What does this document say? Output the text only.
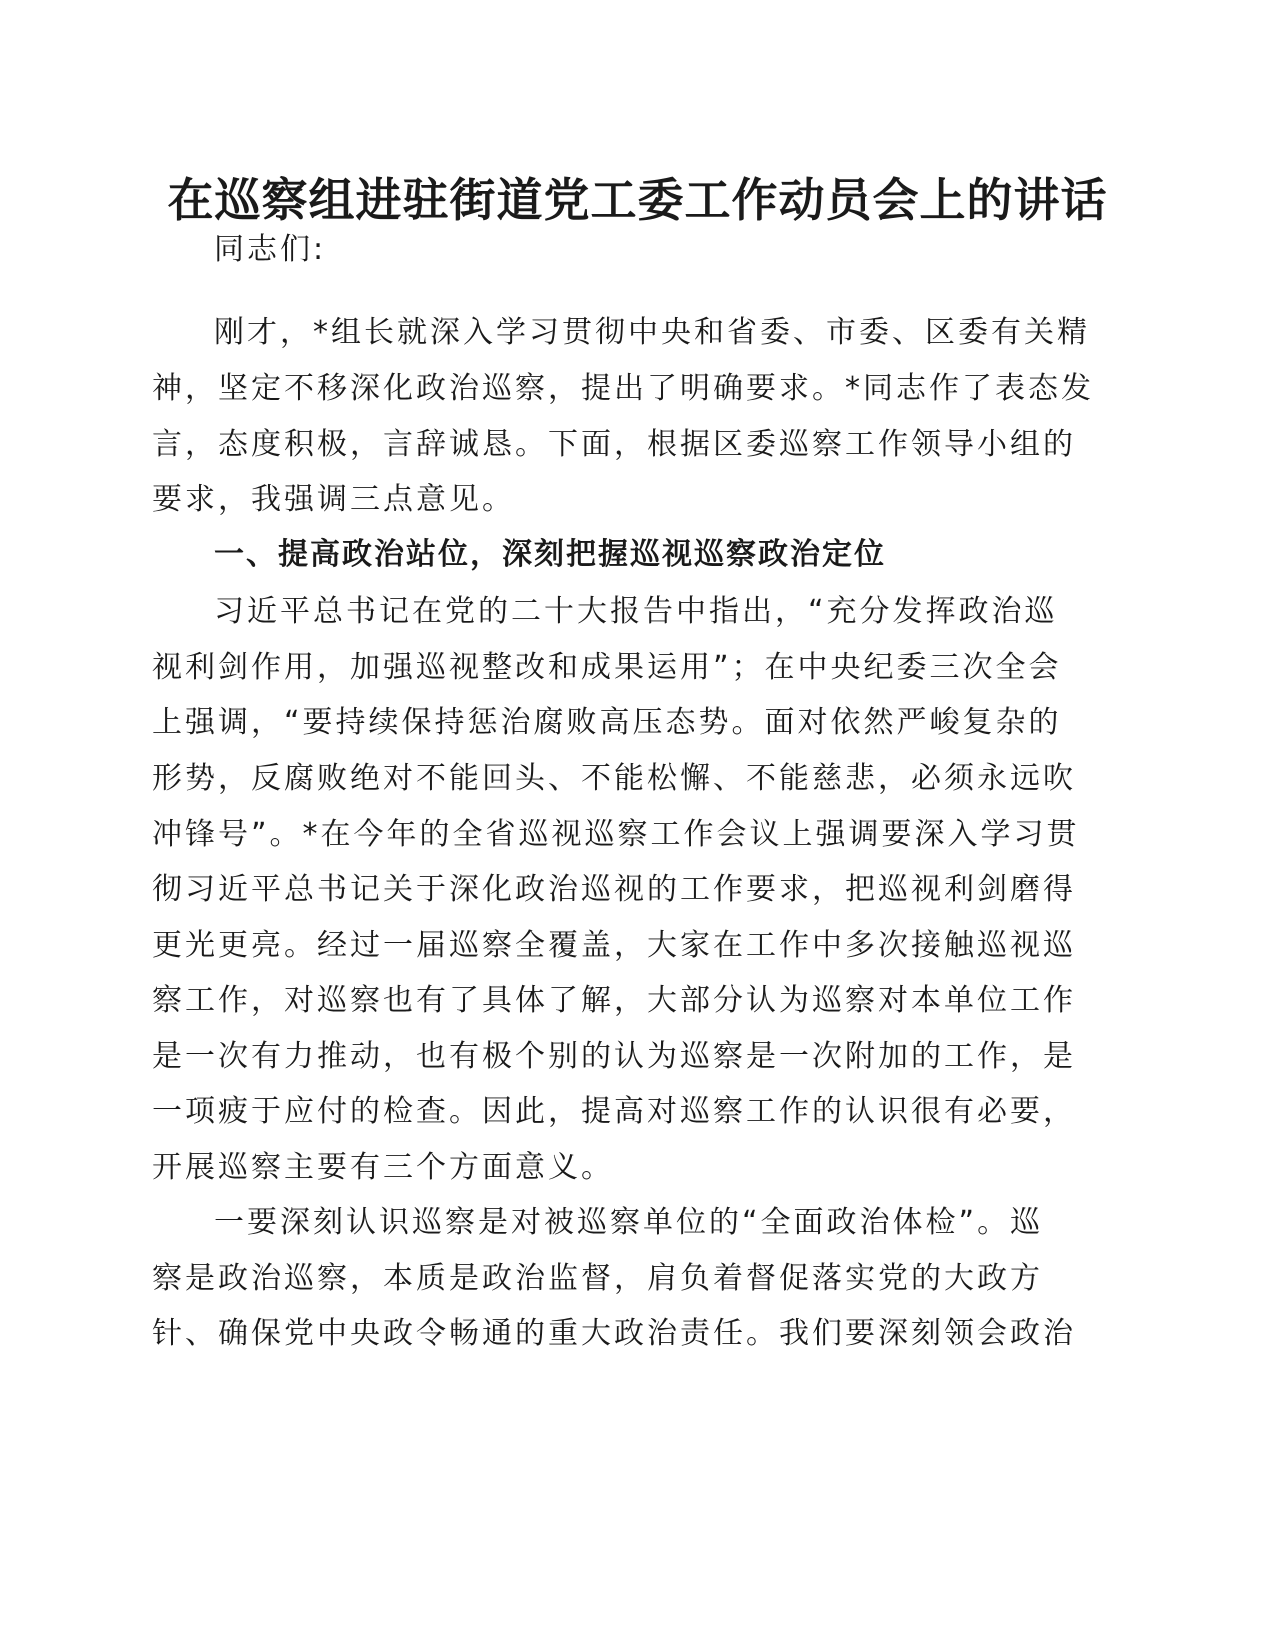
在巡察组进驻街道党工委工作动员会上的讲话
同志们:
刚才，*组长就深入学习贯彻中央和省委、市委、区委有关精
神，坚定不移深化政治巡察，提出了明确要求。*同志作了表态发
言，态度积极，言辞诚恳。下面，根据区委巡察工作领导小组的
要求，我强调三点意见。
一、提高政治站位，深刻把握巡视巡察政治定位
习近平总书记在党的二十大报告中指出，“充分发挥政治巡
视利剑作用，加强巡视整改和成果运用”；在中央纪委三次全会
上强调，“要持续保持惩治腐败高压态势。面对依然严峻复杂的
形势，反腐败绝对不能回头、不能松懈、不能慈悲，必须永远吹
冲锋号”。*在今年的全省巡视巡察工作会议上强调要深入学习贯
彻习近平总书记关于深化政治巡视的工作要求，把巡视利剑磨得
更光更亮。经过一届巡察全覆盖，大家在工作中多次接触巡视巡
察工作，对巡察也有了具体了解，大部分认为巡察对本单位工作
是一次有力推动，也有极个别的认为巡察是一次附加的工作，是
一项疲于应付的检查。因此，提高对巡察工作的认识很有必要，
开展巡察主要有三个方面意义。
一要深刻认识巡察是对被巡察单位的“全面政治体检”。巡
察是政治巡察，本质是政治监督，肩负着督促落实党的大政方
针、确保党中央政令畅通的重大政治责任。我们要深刻领会政治
